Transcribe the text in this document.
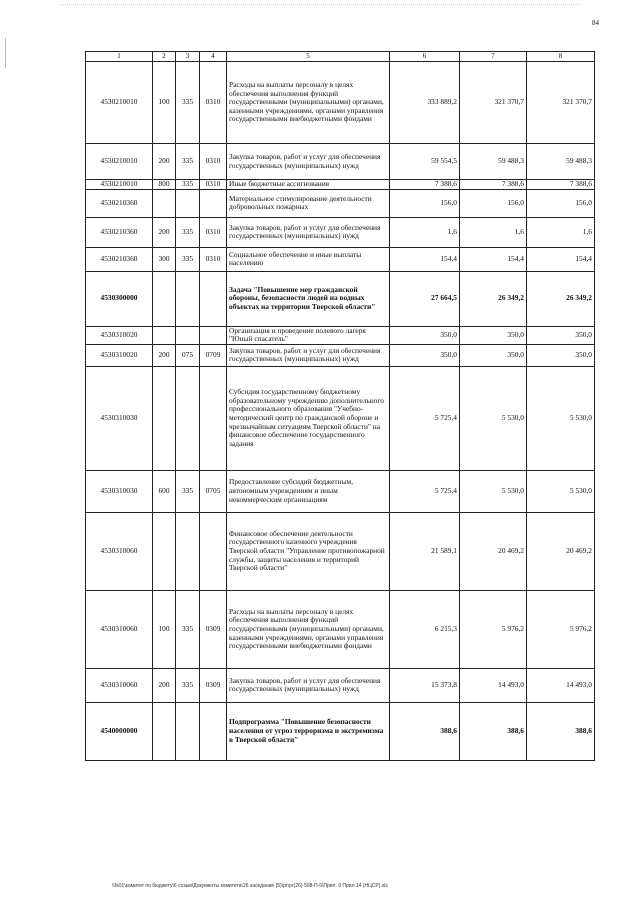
84
1	2	3	4	5	6	7	8
4530210010	100	335	0310	Расходы на выплаты персоналу в целях обеспечения выполнения функций государственными (муниципальными) органами, казенными учреждениями, органами управления государственными внебюджетными фондами	333 889,2	321 370,7	321 370,7
4530210010	200	335	0310	Закупка товаров, работ и услуг для обеспечения государственных (муниципальных) нужд	59 554,5	59 488,3	59 488,3
4530210010	800	335	0310	Иные бюджетные ассигнования	7 388,6	7 388,6	7 388,6
4530210360				Материальное стимулирование деятельности добровольных пожарных	156,0	156,0	156,0
4530210360	200	335	0310	Закупка товаров, работ и услуг для обеспечения государственных (муниципальных) нужд	1,6	1,6	1,6
4530210360	300	335	0310	Социальное обеспечение и иные выплаты населению	154,4	154,4	154,4
4530300000				Задача "Повышение мер гражданской обороны, безопасности людей на водных объектах на территории Тверской области"	27 664,5	26 349,2	26 349,2
4530310020				Организация и проведение полевого лагеря "Юный спасатель"	350,0	350,0	350,0
4530310020	200	075	0709	Закупка товаров, работ и услуг для обеспечения государственных (муниципальных) нужд	350,0	350,0	350,0
4530310030				Субсидия государственному бюджетному образовательному учреждению дополнительного профессионального образования "Учебно-методический центр по гражданской обороне и чрезвычайным ситуациям Тверской области" на финансовое обеспечение государственного задания	5 725,4	5 530,0	5 530,0
4530310030	600	335	0705	Предоставление субсидий бюджетным, автономным учреждениям и иным некоммерческим организациям	5 725,4	5 530,0	5 530,0
4530310060				Финансовое обеспечение деятельности государственного казенного учреждения Тверской области "Управление противопожарной службы, защиты населения и территорий Тверской области"	21 589,1	20 469,2	20 469,2
4530310060	100	335	0309	Расходы на выплаты персоналу в целях обеспечения выполнения функций государственными (муниципальными) органами, казенными учреждениями, органами управления государственными внебюджетными фондами	6 215,3	5 976,2	5 976,2
4530310060	200	335	0309	Закупка товаров, работ и услуг для обеспечения государственных (муниципальных) нужд	15 373,8	14 493,0	14 493,0
4540000000				Подпрограмма "Повышение безопасности населения от угроз терроризма и экстремизма в Тверской области"	388,6	388,6	388,6
\\fs01\комитет по бюджету\6 созыв\Документы комитета\26 заседание (5)\рг\рг(26) 508-П-6\Прил. 9 Прил.14 (НЦСР).xls
